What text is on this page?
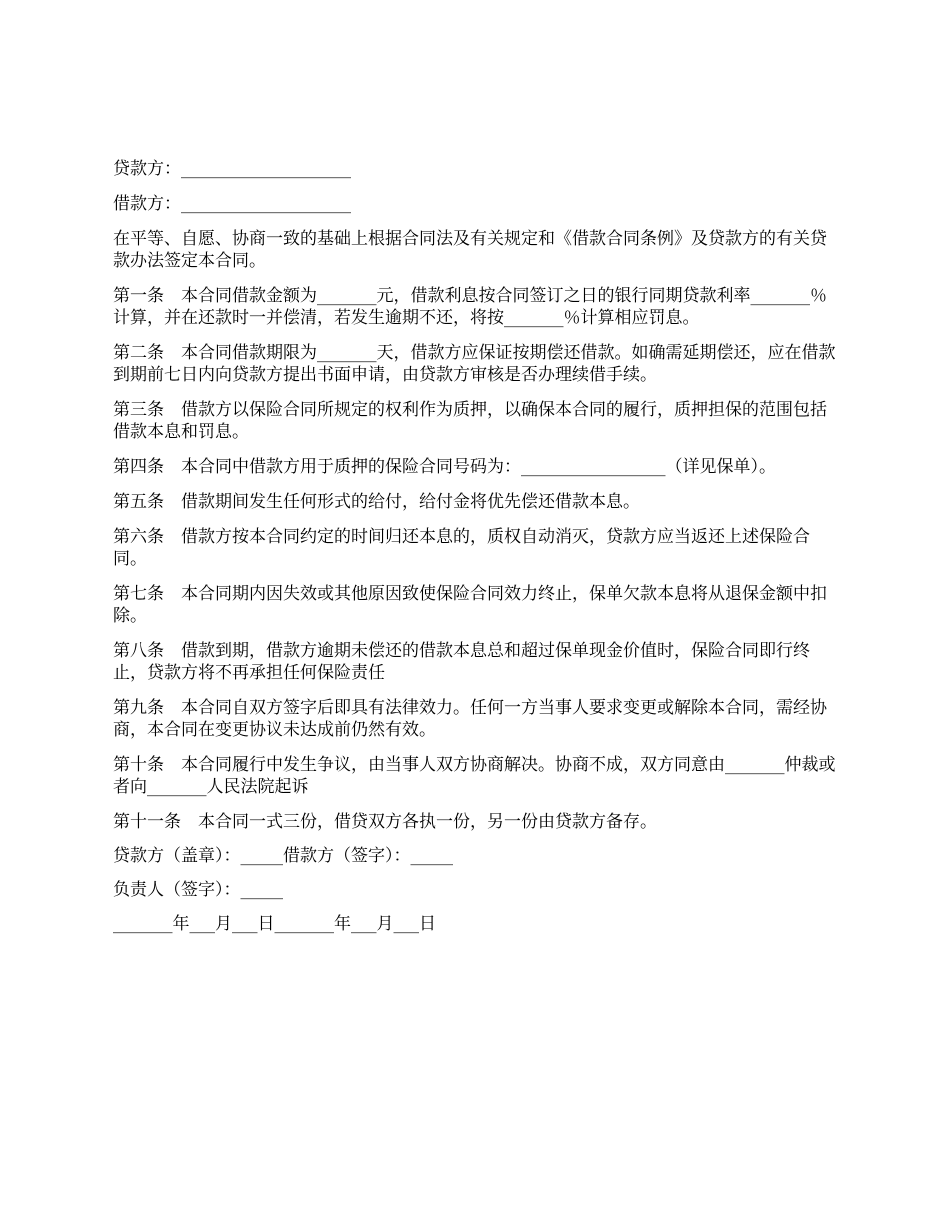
贷款方：____________________

借款方：____________________

在平等、自愿、协商一致的基础上根据合同法及有关规定和《借款合同条例》及贷款方的有关贷款办法签定本合同。

第一条　本合同借款金额为_______元，借款利息按合同签订之日的银行同期贷款利率_______％计算，并在还款时一并偿清，若发生逾期不还，将按_______％计算相应罚息。

第二条　本合同借款期限为_______天，借款方应保证按期偿还借款。如确需延期偿还，应在借款到期前七日内向贷款方提出书面申请，由贷款方审核是否办理续借手续。

第三条　借款方以保险合同所规定的权利作为质押，以确保本合同的履行，质押担保的范围包括借款本息和罚息。

第四条　本合同中借款方用于质押的保险合同号码为：_________________（详见保单）。

第五条　借款期间发生任何形式的给付，给付金将优先偿还借款本息。

第六条　借款方按本合同约定的时间归还本息的，质权自动消灭，贷款方应当返还上述保险合同。

第七条　本合同期内因失效或其他原因致使保险合同效力终止，保单欠款本息将从退保金额中扣除。

第八条　借款到期，借款方逾期未偿还的借款本息总和超过保单现金价值时，保险合同即行终止，贷款方将不再承担任何保险责任

第九条　本合同自双方签字后即具有法律效力。任何一方当事人要求变更或解除本合同，需经协商，本合同在变更协议未达成前仍然有效。

第十条　本合同履行中发生争议，由当事人双方协商解决。协商不成，双方同意由_______仲裁或者向_______人民法院起诉

第十一条　本合同一式三份，借贷双方各执一份，另一份由贷款方备存。

贷款方（盖章）：_____借款方（签字）：_____

负责人（签字）：_____

_______年___月___日_______年___月___日
